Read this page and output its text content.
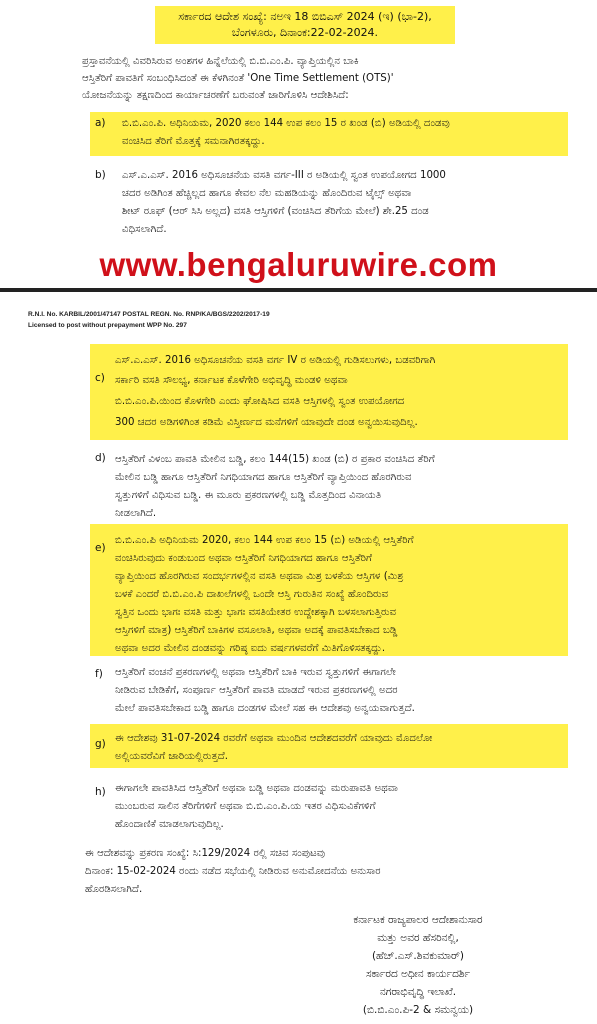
ಸರ್ಕಾರದ ಆದೇಶ ಸಂಖ್ಯೆ: ನಅಇ 18 ಬಿಬಿಎಸ್ 2024 (ಇ) (ಭಾ-2),
ಬೆಂಗಳೂರು, ದಿನಾಂಕ:22-02-2024.
ಪ್ರಸ್ತಾವನೆಯಲ್ಲಿ ವಿವರಿಸಿರುವ ಅಂಶಗಳ ಹಿನ್ನೆಲೆಯಲ್ಲಿ ಬಿ.ಬಿ.ಎಂ.ಪಿ. ವ್ಯಾಪ್ತಿಯಲ್ಲಿನ ಬಾಕಿ
ಆಸ್ತಿತೆರಿಗೆ ಪಾವತಿಗೆ ಸಂಬಂಧಿಸಿದಂತೆ ಈ ಕೆಳಗಿನಂತೆ 'One Time Settlement (OTS)'
ಯೋಜನೆಯನ್ನು ತಕ್ಷಣದಿಂದ ಕಾರ್ಯಾಚರಣೆಗೆ ಬರುವಂತೆ ಜಾರಿಗೊಳಿಸಿ ಆದೇಶಿಸಿದೆ:
a) ಬಿ.ಬಿ.ಎಂ.ಪಿ. ಅಧಿನಿಯಮ, 2020 ಕಲಂ 144 ಉಪ ಕಲಂ 15 ರ ಖಂಡ (ಬಿ) ಅಡಿಯಲ್ಲಿ ದಂಡವು
ವಂಚಿಸಿದ ತೆರಿಗೆ ಮೊತ್ತಕ್ಕೆ ಸಮನಾಗಿರತಕ್ಕದ್ದು.
b) ಎಸ್.ಎ.ಎಸ್. 2016 ಅಧಿಸೂಚನೆಯ ವಸತಿ ವರ್ಗ-III ರ ಅಡಿಯಲ್ಲಿ ಸ್ವಂತ ಉಪಯೋಗದ 1000
ಚದರ ಅಡಿಗಿಂತ ಹೆಚ್ಚಿಲ್ಲದ ಹಾಗೂ ಕೇವಲ ನೆಲ ಮಹಡಿಯನ್ನು ಹೊಂದಿರುವ ಟೈಲ್ಸ್ ಅಥವಾ
ಶೀಟ್ ರೂಫ್ (ಆರ್ ಸಿಸಿ ಅಲ್ಲದ) ವಸತಿ ಆಸ್ತಿಗಳಿಗೆ (ವಂಚಿಸಿದ ತೆರಿಗೆಯ ಮೇಲೆ) ಶೇ.25 ದಂಡ
ವಿಧಿಸಲಾಗಿದೆ.
www.bengaluruwire.com
R.N.I. No. KARBIL/2001/47147 POSTAL REGN. No. RNP/KA/BGS/2202/2017-19
Licensed to post without prepayment WPP No. 297
c)
ಎಸ್.ಎ.ಎಸ್. 2016 ಅಧಿಸೂಚನೆಯ ವಸತಿ ವರ್ಗ IV ರ ಅಡಿಯಲ್ಲಿ ಗುಡಿಸಲುಗಳು, ಬಡವರಿಗಾಗಿ
ಸರ್ಕಾರಿ ವಸತಿ ಸೌಲಭ್ಯ, ಕರ್ನಾಟಕ ಕೊಳೆಗೇರಿ ಅಭಿವೃದ್ಧಿ ಮಂಡಳಿ ಅಥವಾ
ಬಿ.ಬಿ.ಎಂ.ಪಿ.ಯಿಂದ ಕೊಳಗೇರಿ ಎಂದು ಘೋಷಿಸಿದ ವಸತಿ ಆಸ್ತಿಗಳಲ್ಲಿ ಸ್ವಂತ ಉಪಯೋಗದ
300 ಚದರ ಅಡಿಗಳಿಗಿಂತ ಕಡಿಮೆ ವಿಸ್ತೀರ್ಣದ ಮನೆಗಳಿಗೆ ಯಾವುದೇ ದಂಡ ಅನ್ವಯಿಸುವುದಿಲ್ಲ.
d) ಆಸ್ತಿತೆರಿಗೆ ವಿಳಂಬ ಪಾವತಿ ಮೇಲಿನ ಬಡ್ಡಿ, ಕಲಂ 144(15) ಖಂಡ (ಬಿ) ರ ಪ್ರಕಾರ ವಂಚಿಸಿದ ತೆರಿಗೆ
ಮೇಲಿನ ಬಡ್ಡಿ ಹಾಗೂ ಆಸ್ತಿತೆರಿಗೆ ನಿಗಧಿಯಾಗದ ಹಾಗೂ ಆಸ್ತಿತೆರಿಗೆ ವ್ಯಾಪ್ತಿಯಿಂದ ಹೊರಗಿರುವ
ಸ್ವತ್ತುಗಳಿಗೆ ವಿಧಿಸುವ ಬಡ್ಡಿ. ಈ ಮೂರು ಪ್ರಕರಣಗಳಲ್ಲಿ ಬಡ್ಡಿ ಮೊತ್ತದಿಂದ ವಿನಾಯತಿ
ನೀಡಲಾಗಿದೆ.
e)
ಬಿ.ಬಿ.ಎಂ.ಪಿ ಅಧಿನಿಯಮ 2020, ಕಲಂ 144 ಉಪ ಕಲಂ 15 (ಬಿ) ಅಡಿಯಲ್ಲಿ ಆಸ್ತಿತೆರಿಗೆ
ವಂಚಿಸಿರುವುದು ಕಂಡುಬಂದ ಅಥವಾ ಆಸ್ತಿತೆರಿಗೆ ನಿಗಧಿಯಾಗದ ಹಾಗೂ ಆಸ್ತಿತೆರಿಗೆ
ವ್ಯಾಪ್ತಿಯಿಂದ ಹೊರಗಿರುವ ಸಂದರ್ಭಗಳಲ್ಲಿನ ವಸತಿ ಅಥವಾ ಮಿಶ್ರ ಬಳಕೆಯ ಆಸ್ತಿಗಳ (ಮಿಶ್ರ
ಬಳಕೆ ಎಂದರೆ ಬಿ.ಬಿ.ಎಂ.ಪಿ ದಾಖಲೆಗಳಲ್ಲಿ ಒಂದೇ ಆಸ್ತಿ ಗುರುತಿನ ಸಂಖ್ಯೆ ಹೊಂದಿರುವ
ಸ್ವತ್ತಿನ ಒಂದು ಭಾಗಃ ವಸತಿ ಮತ್ತು ಭಾಗಃ ವಸತಿಯೇತರ ಉದ್ದೇಶಕ್ಕಾಗಿ ಬಳಸಲಾಗುತ್ತಿರುವ
ಆಸ್ತಿಗಳಿಗೆ ಮಾತ್ರ) ಆಸ್ತಿತೆರಿಗೆ ಬಾಕಿಗಳ ವಸೂಲಾತಿ, ಅಥವಾ ಅದಕ್ಕೆ ಪಾವತಿಸಬೇಕಾದ ಬಡ್ಡಿ
ಅಥವಾ ಅದರ ಮೇಲಿನ ದಂಡವನ್ನು ಗರಿಷ್ಠ ಐದು ವರ್ಷಗಳವರೆಗೆ ಮಿತಿಗೊಳಿಸತಕ್ಕದ್ದು.
f) ಆಸ್ತಿತೆರಿಗೆ ವಂಚನೆ ಪ್ರಕರಣಗಳಲ್ಲಿ ಅಥವಾ ಆಸ್ತಿತೆರಿಗೆ ಬಾಕಿ ಇರುವ ಸ್ವತ್ತುಗಳಿಗೆ ಈಗಾಗಲೇ
ನೀಡಿರುವ ಬೇಡಿಕೆಗೆ, ಸಂಪೂರ್ಣ ಆಸ್ತಿತೆರಿಗೆ ಪಾವತಿ ಮಾಡದೆ ಇರುವ ಪ್ರಕರಣಗಳಲ್ಲಿ ಅದರ
ಮೇಲೆ ಪಾವತಿಸಬೇಕಾದ ಬಡ್ಡಿ ಹಾಗೂ ದಂಡಗಳ ಮೇಲೆ ಸಹ ಈ ಆದೇಶವು ಅನ್ವಯವಾಗುತ್ತದೆ.
g) ಈ ಆದೇಶವು 31-07-2024 ರವರೆಗೆ ಅಥವಾ ಮುಂದಿನ ಆದೇಶದವರೆಗೆ ಯಾವುದು ಮೊದಲೋ
ಅಲ್ಲಿಯವರೆವಿಗೆ ಜಾರಿಯಲ್ಲಿರುತ್ತದೆ.
h) ಈಗಾಗಲೇ ಪಾವತಿಸಿದ ಆಸ್ತಿತೆರಿಗೆ ಅಥವಾ ಬಡ್ಡಿ ಅಥವಾ ದಂಡವನ್ನು ಮರುಪಾವತಿ ಅಥವಾ
ಮುಂಬರುವ ಸಾಲಿನ ತೆರಿಗೆಗಳಿಗೆ ಅಥವಾ ಬಿ.ಬಿ.ಎಂ.ಪಿ.ಯ ಇತರ ವಿಧಿಸುವಿಕೆಗಳಿಗೆ
ಹೊಂದಾಣಿಕೆ ಮಾಡಲಾಗುವುದಿಲ್ಲ.
ಈ ಆದೇಶವನ್ನು ಪ್ರಕರಣ ಸಂಖ್ಯೆ: ಸಿ:129/2024 ರಲ್ಲಿ ಸಚಿವ ಸಂಪುಟವು
ದಿನಾಂಕ: 15-02-2024 ರಂದು ನಡೆದ ಸಭೆಯಲ್ಲಿ ನೀಡಿರುವ ಅನುಮೋದನೆಯ ಅನುಸಾರ
ಹೊರಡಿಸಲಾಗಿದೆ.
ಕರ್ನಾಟಕ ರಾಜ್ಯಪಾಲರ ಆದೇಶಾನುಸಾರ
ಮತ್ತು ಅವರ ಹೆಸರಿನಲ್ಲಿ,
(ಹೆಚ್.ಎಸ್.ಶಿವಕುಮಾರ್)
ಸರ್ಕಾರದ ಅಧೀನ ಕಾರ್ಯದರ್ಶಿ
ನಗರಾಭಿವೃದ್ಧಿ ಇಲಾಖೆ.
(ಬಿ.ಬಿ.ಎಂ.ಪಿ-2 & ಸಮನ್ವಯ)
